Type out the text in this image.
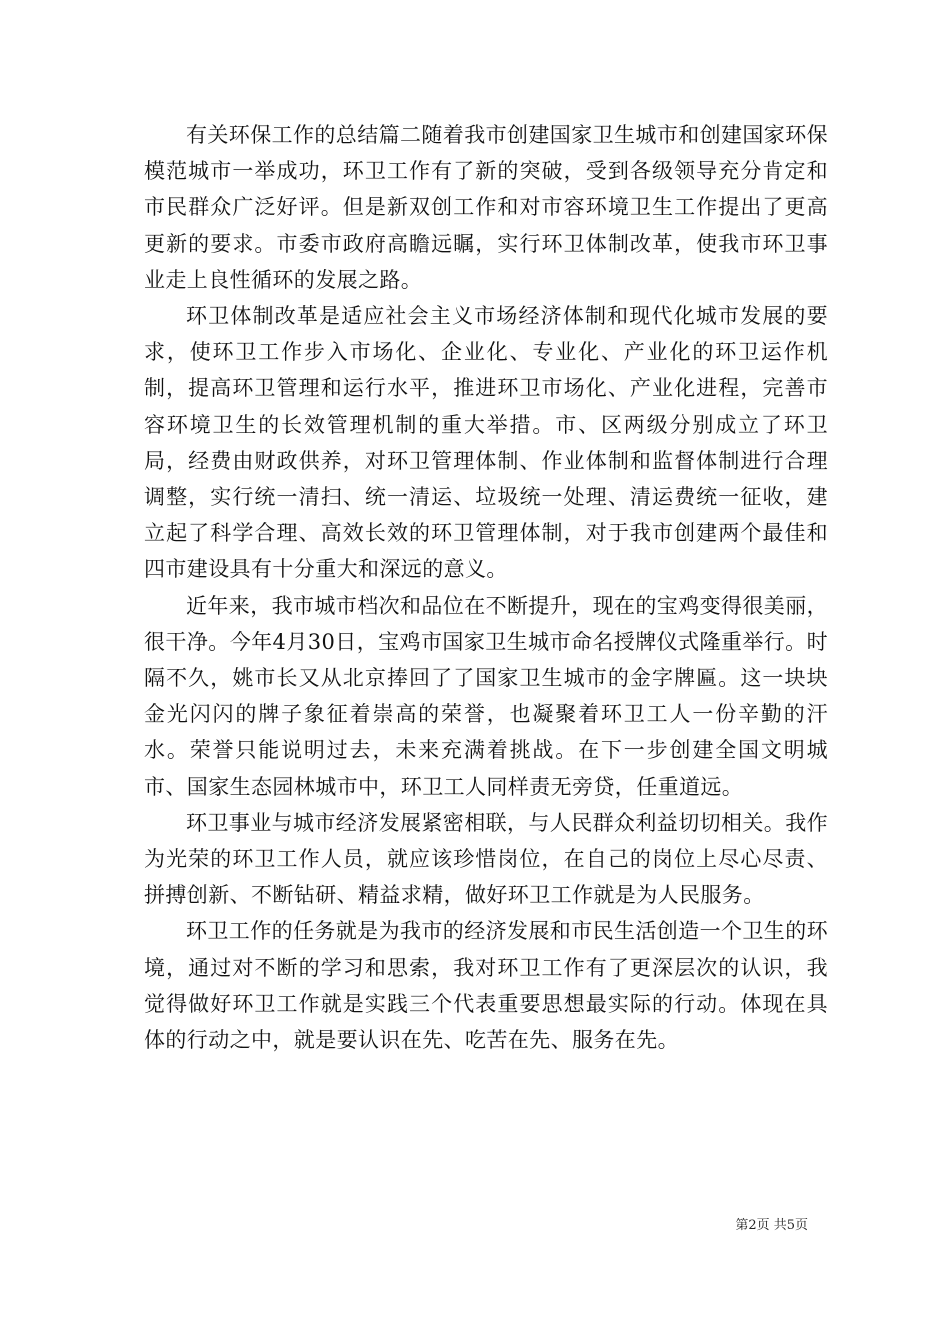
有关环保工作的总结篇二随着我市创建国家卫生城市和创建国家环保模范城市一举成功，环卫工作有了新的突破，受到各级领导充分肯定和市民群众广泛好评。但是新双创工作和对市容环境卫生工作提出了更高更新的要求。市委市政府高瞻远瞩，实行环卫体制改革，使我市环卫事业走上良性循环的发展之路。

环卫体制改革是适应社会主义市场经济体制和现代化城市发展的要求，使环卫工作步入市场化、企业化、专业化、产业化的环卫运作机制，提高环卫管理和运行水平，推进环卫市场化、产业化进程，完善市容环境卫生的长效管理机制的重大举措。市、区两级分别成立了环卫局，经费由财政供养，对环卫管理体制、作业体制和监督体制进行合理调整，实行统一清扫、统一清运、垃圾统一处理、清运费统一征收，建立起了科学合理、高效长效的环卫管理体制，对于我市创建两个最佳和四市建设具有十分重大和深远的意义。

近年来，我市城市档次和品位在不断提升，现在的宝鸡变得很美丽，很干净。今年4月30日，宝鸡市国家卫生城市命名授牌仪式隆重举行。时隔不久，姚市长又从北京捧回了了国家卫生城市的金字牌匾。这一块块金光闪闪的牌子象征着崇高的荣誉，也凝聚着环卫工人一份辛勤的汗水。荣誉只能说明过去，未来充满着挑战。在下一步创建全国文明城市、国家生态园林城市中，环卫工人同样责无旁贷，任重道远。

环卫事业与城市经济发展紧密相联，与人民群众利益切切相关。我作为光荣的环卫工作人员，就应该珍惜岗位，在自己的岗位上尽心尽责、拼搏创新、不断钻研、精益求精，做好环卫工作就是为人民服务。

环卫工作的任务就是为我市的经济发展和市民生活创造一个卫生的环境，通过对不断的学习和思索，我对环卫工作有了更深层次的认识，我觉得做好环卫工作就是实践三个代表重要思想最实际的行动。体现在具体的行动之中，就是要认识在先、吃苦在先、服务在先。

第2页 共5页
